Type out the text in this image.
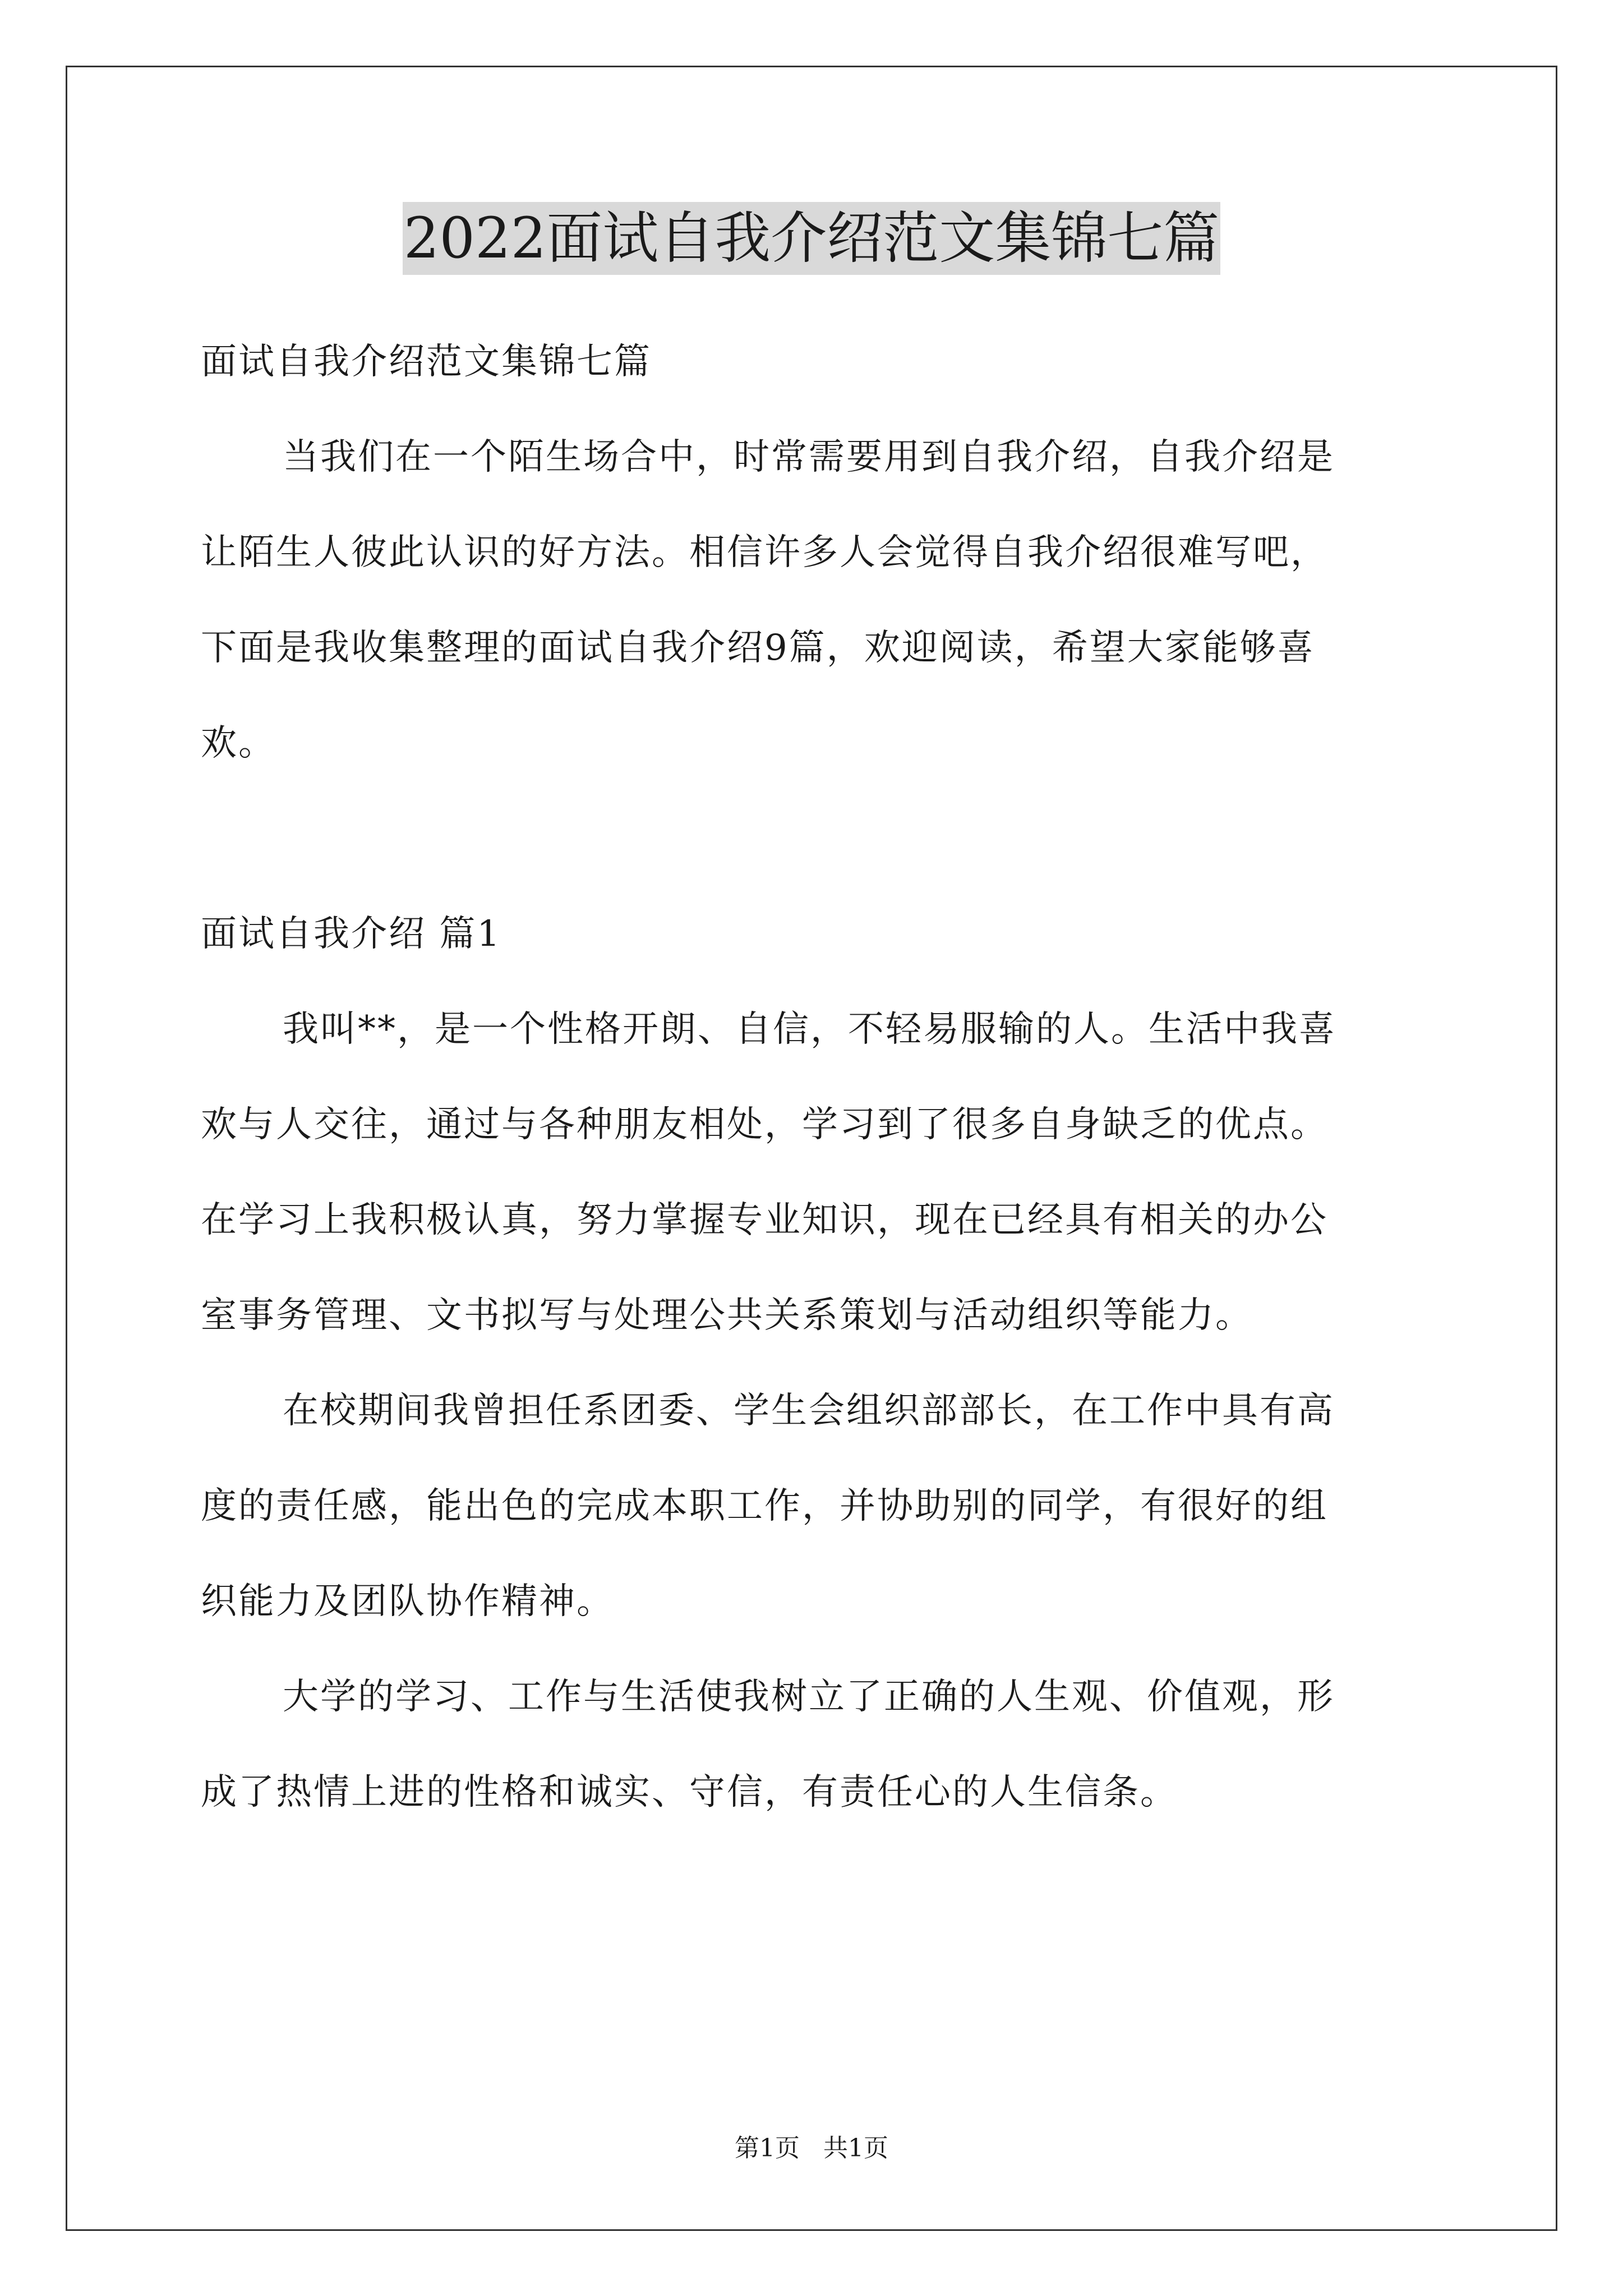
2022面试自我介绍范文集锦七篇
面试自我介绍范文集锦七篇
当我们在一个陌生场合中，时常需要用到自我介绍，自我介绍是
让陌生人彼此认识的好方法。相信许多人会觉得自我介绍很难写吧，
下面是我收集整理的面试自我介绍9篇，欢迎阅读，希望大家能够喜
欢。
面试自我介绍 篇1
我叫**，是一个性格开朗、自信，不轻易服输的人。生活中我喜
欢与人交往，通过与各种朋友相处，学习到了很多自身缺乏的优点。
在学习上我积极认真，努力掌握专业知识，现在已经具有相关的办公
室事务管理、文书拟写与处理公共关系策划与活动组织等能力。
在校期间我曾担任系团委、学生会组织部部长，在工作中具有高
度的责任感，能出色的完成本职工作，并协助别的同学，有很好的组
织能力及团队协作精神。
大学的学习、工作与生活使我树立了正确的人生观、价值观，形
成了热情上进的性格和诚实、守信，有责任心的人生信条。
第1页 共1页
